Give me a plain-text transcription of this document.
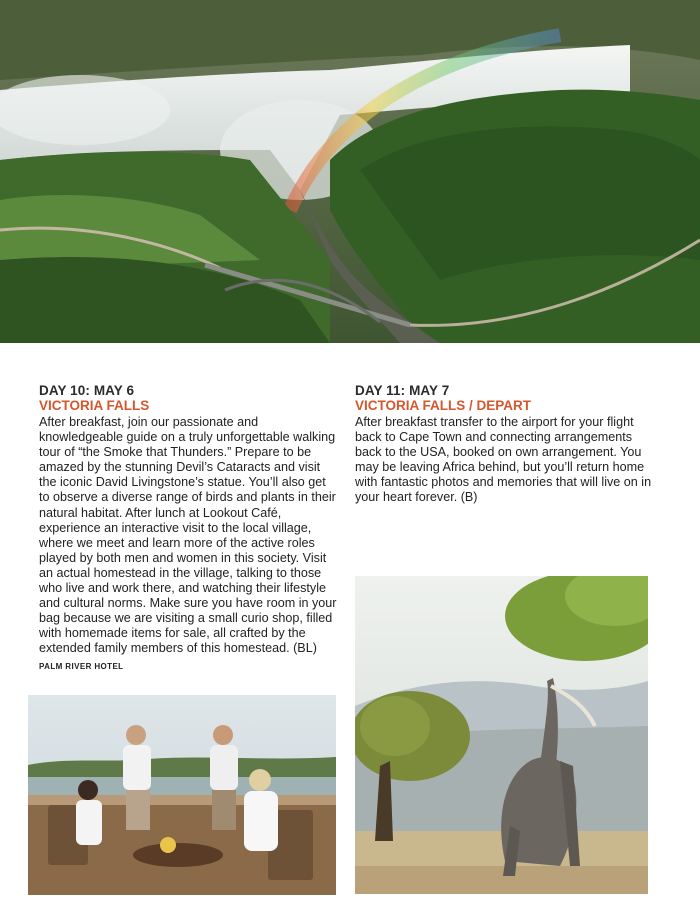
DAY 10: MAY 6
VICTORIA FALLS
After breakfast, join our passionate and knowledgeable guide on a truly unforgettable walking tour of “the Smoke that Thunders.” Prepare to be amazed by the stunning Devil’s Cataracts and visit the iconic David Livingstone’s statue. You’ll also get to observe a diverse range of birds and plants in their natural habitat. After lunch at Lookout Café, experience an interactive visit to the local village, where we meet and learn more of the active roles played by both men and women in this society. Visit an actual homestead in the village, talking to those who live and work there, and watching their lifestyle and cultural norms. Make sure you have room in your bag because we are visiting a small curio shop, filled with homemade items for sale, all crafted by the extended family members of this homestead. (BL)
PALM RIVER HOTEL
DAY 11: MAY 7
VICTORIA FALLS / DEPART
After breakfast transfer to the airport for your flight back to Cape Town and connecting arrangements back to the USA, booked on own arrangement. You may be leaving Africa behind, but you’ll return home with fantastic photos and memories that will live on in your heart forever. (B)
